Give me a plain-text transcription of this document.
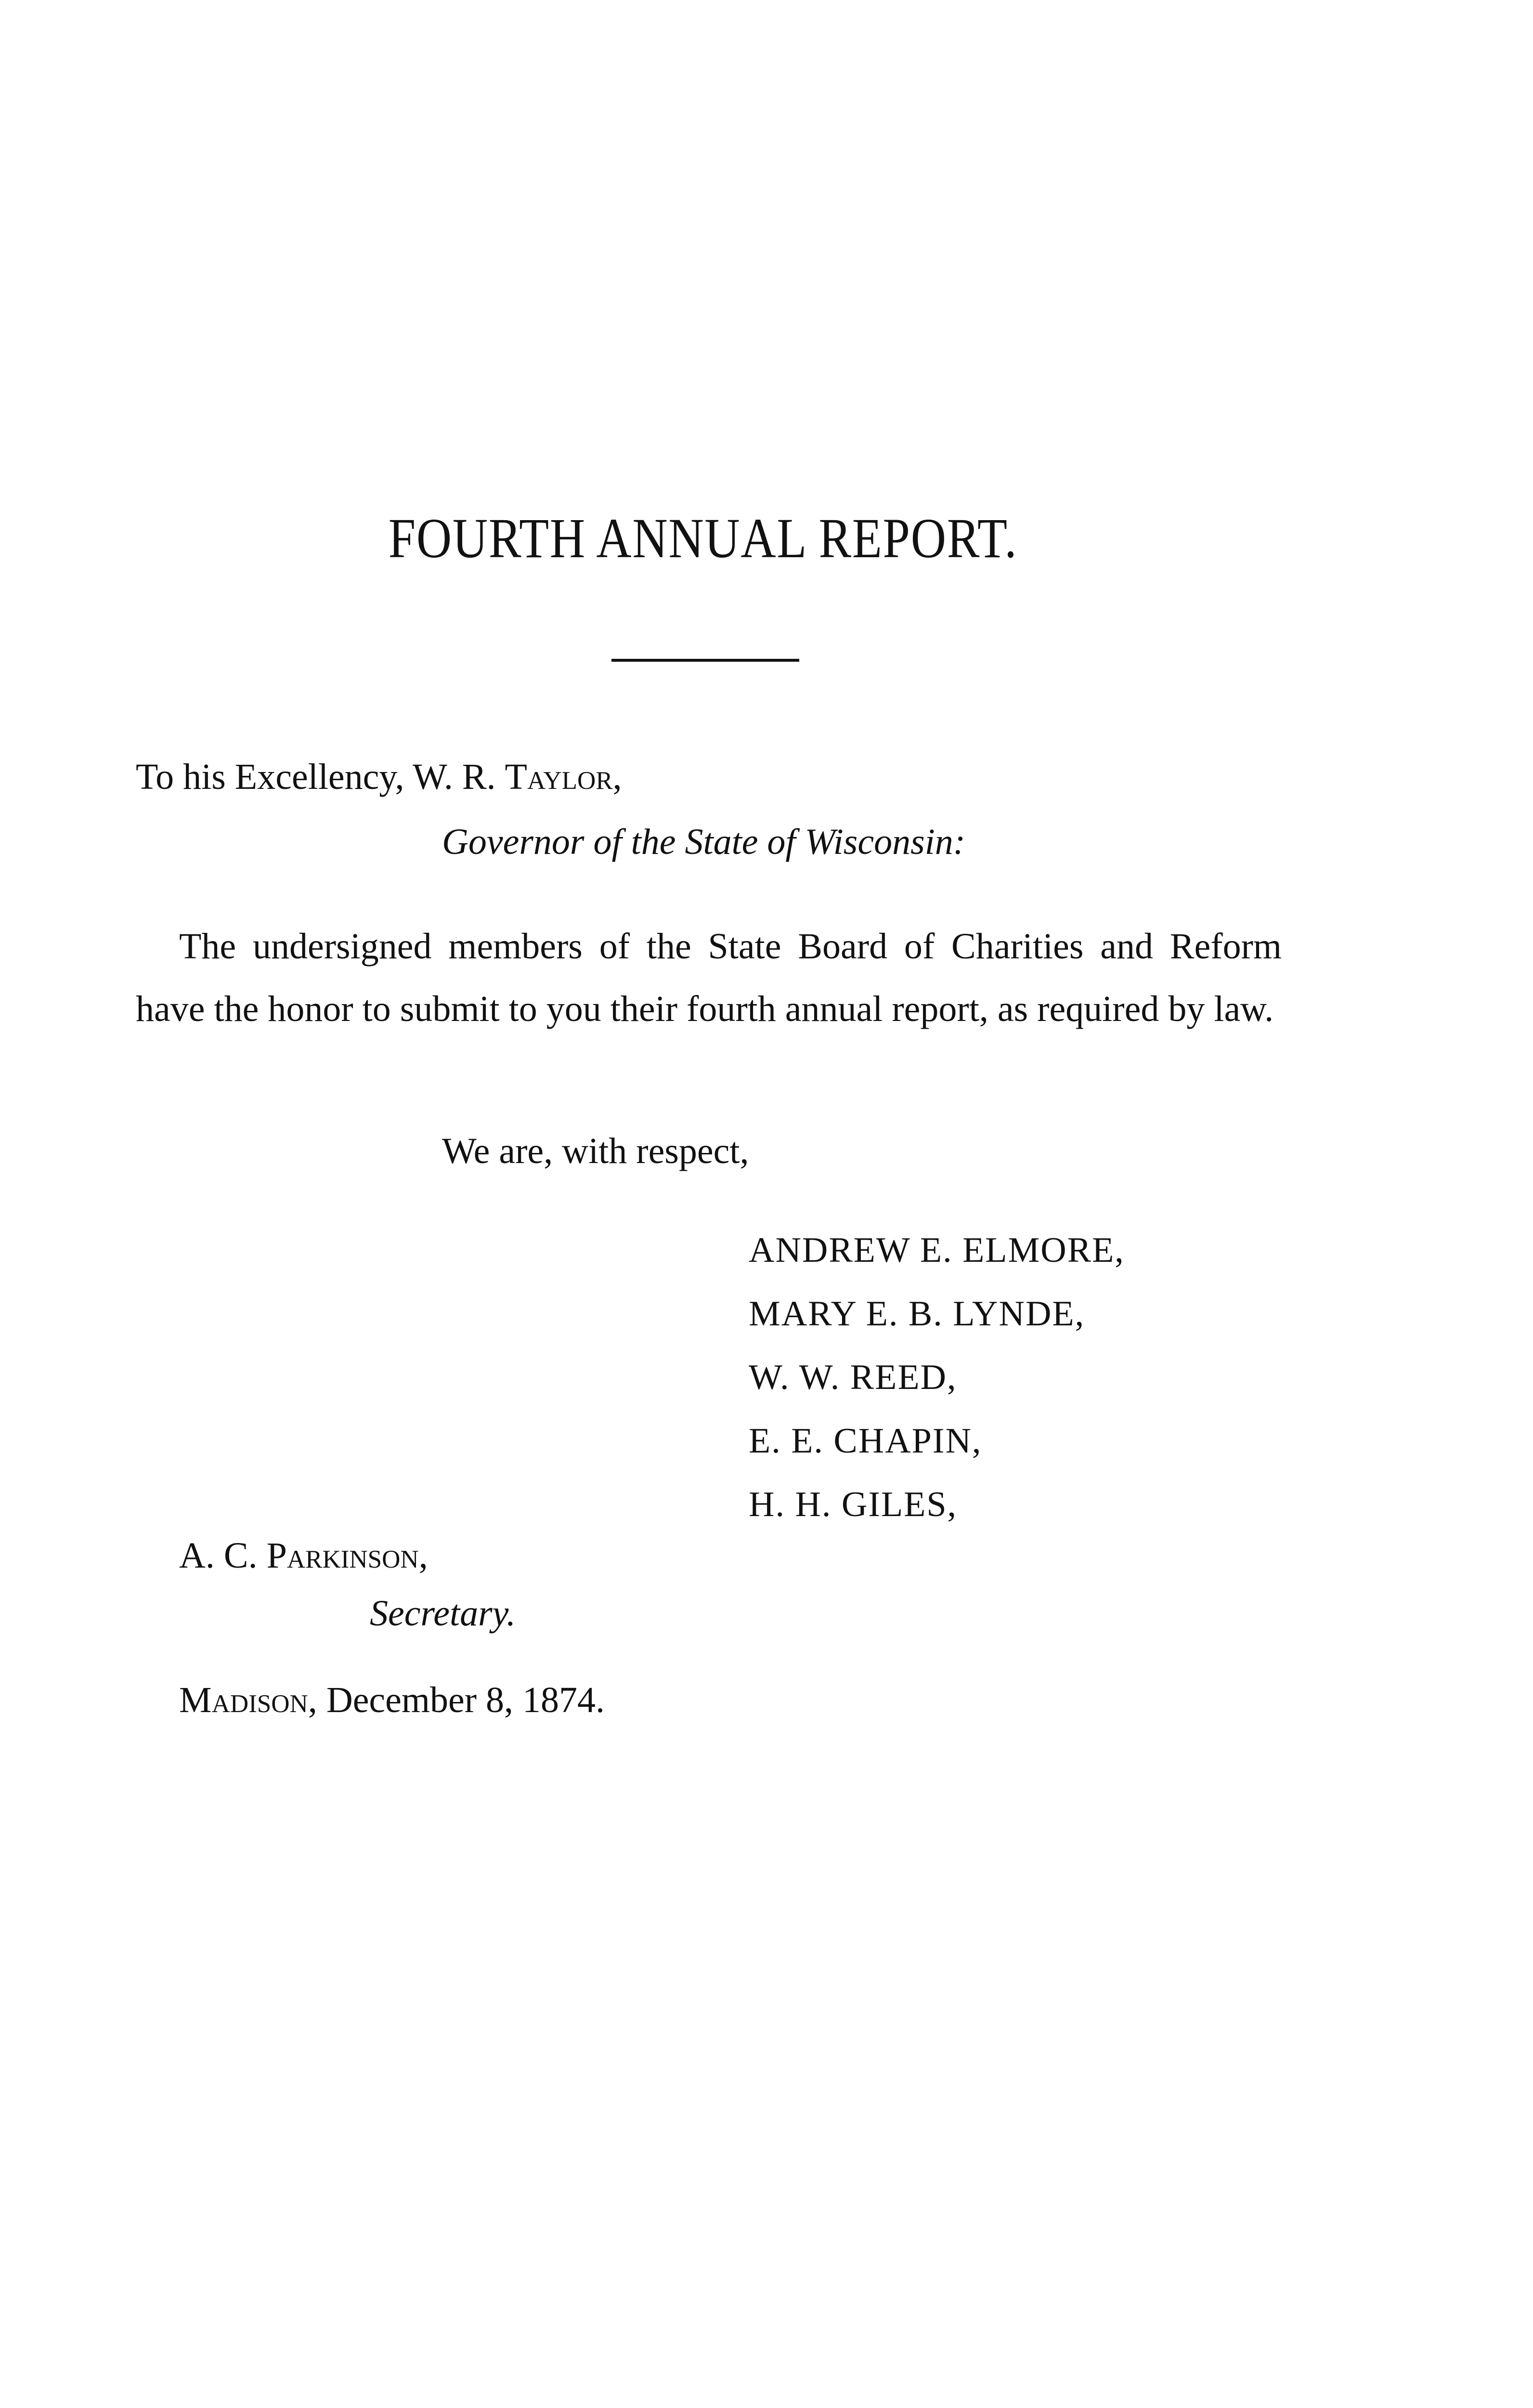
FOURTH ANNUAL REPORT.
To his Excellency, W. R. Taylor,
Governor of the State of Wisconsin:
The undersigned members of the State Board of Charities and Reform have the honor to submit to you their fourth annual report, as required by law.
We are, with respect,
ANDREW E. ELMORE,
MARY E. B. LYNDE,
W. W. REED,
E. E. CHAPIN,
H. H. GILES,
A. C. Parkinson,
Secretary.
Madison, December 8, 1874.
